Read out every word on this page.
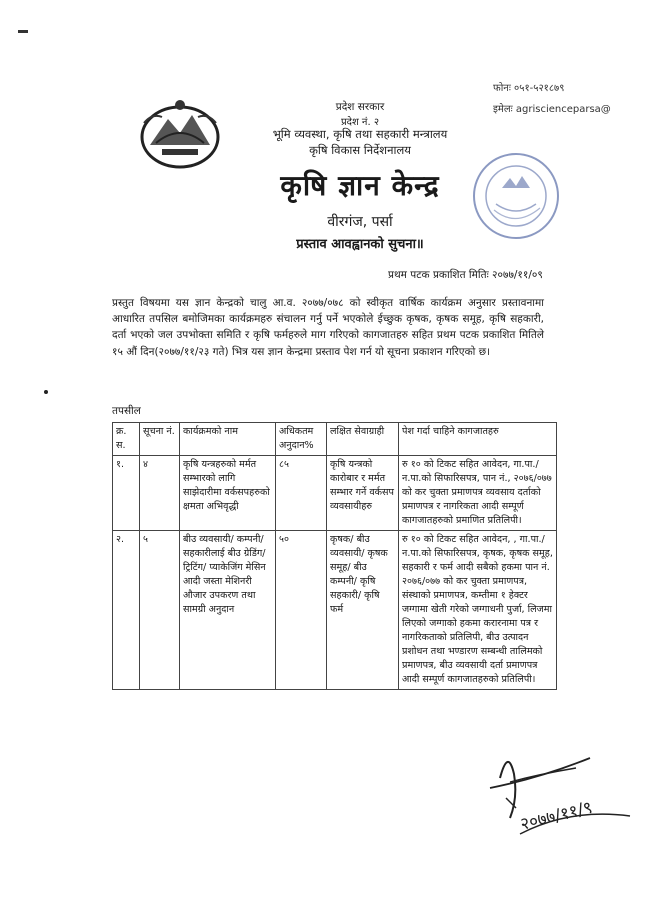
फोनः ०५१-५२१८७९
इमेलः agriscienceparsa@
प्रदेश सरकार
प्रदेश नं. २
भूमि व्यवस्था, कृषि तथा सहकारी मन्त्रालय
कृषि विकास निर्देशनालय
कृषि ज्ञान केन्द्र
वीरगंज, पर्सा
प्रस्ताव आवह्वानको सुचना॥
प्रथम पटक प्रकाशित मितिः २०७७/११/०९

प्रस्तुत विषयमा यस ज्ञान केन्द्रको चालु आ.व. २०७७/०७८ को स्वीकृत वार्षिक कार्यक्रम अनुसार प्रस्तावनामा आधारित तपसिल बमोजिमका कार्यक्रमहरु संचालन गर्नु पर्ने भएकोले ईच्छुक कृषक, कृषक समूह, कृषि सहकारी, दर्ता भएको जल उपभोक्ता समिति र कृषि फर्महरुले माग गरिएको कागजातहरु सहित प्रथम पटक प्रकाशित मितिले १५ औं दिन(२०७७/११/२३ गते) भित्र यस ज्ञान केन्द्रमा प्रस्ताव पेश गर्न यो सूचना प्रकाशन गरिएको छ।

तपसील
क्र. स.	सूचना नं.	कार्यक्रमको नाम	अधिकतम अनुदान%	लक्षित सेवाग्राही	पेश गर्दा चाहिने कागजातहरु
१.	४	कृषि यन्त्रहरुको मर्मत सम्भारको लागि साझेदारीमा वर्कसपहरुको क्षमता अभिवृद्धी	८५	कृषि यन्त्रको कारोबार र मर्मत सम्भार गर्ने वर्कसप व्यवसायीहरु	रु १० को टिकट सहित आवेदन, गा.पा./न.पा.को सिफारिसपत्र, पान नं., २०७६/०७७ को कर चुक्ता प्रमाणपत्र व्यवसाय दर्ताको प्रमाणपत्र र नागरिकता आदी सम्पूर्ण कागजातहरुको प्रमाणित प्रतिलिपी।
२.	५	बीउ व्यवसायी/ कम्पनी/ सहकारीलाई बीउ ग्रेडिंग/ ट्रिटिंग/ प्याकेजिंग मेसिन आदी जस्ता मेशिनरी औजार उपकरण तथा सामग्री अनुदान	५०	कृषक/ बीउ व्यवसायी/ कृषक समूह/ बीउ कम्पनी/ कृषि सहकारी/ कृषि फर्म	रु १० को टिकट सहित आवेदन, , गा.पा./न.पा.को सिफारिसपत्र, कृषक, कृषक समूह, सहकारी र फर्म आदी सबैको हकमा पान नं. २०७६/०७७ को कर चुक्ता प्रमाणपत्र, संस्थाको प्रमाणपत्र, कम्तीमा १ हेक्टर जग्गामा खेती गरेको जग्गाधनी पुर्जा, लिजमा लिएको जग्गाको हकमा करारनामा पत्र र नागरिकताको प्रतिलिपी, बीउ उत्पादन प्रशोधन तथा भण्डारण सम्बन्धी तालिमको प्रमाणपत्र, बीउ व्यवसायी दर्ता प्रमाणपत्र आदी सम्पूर्ण कागजातहरुको प्रतिलिपी।
२०७७/११/९
